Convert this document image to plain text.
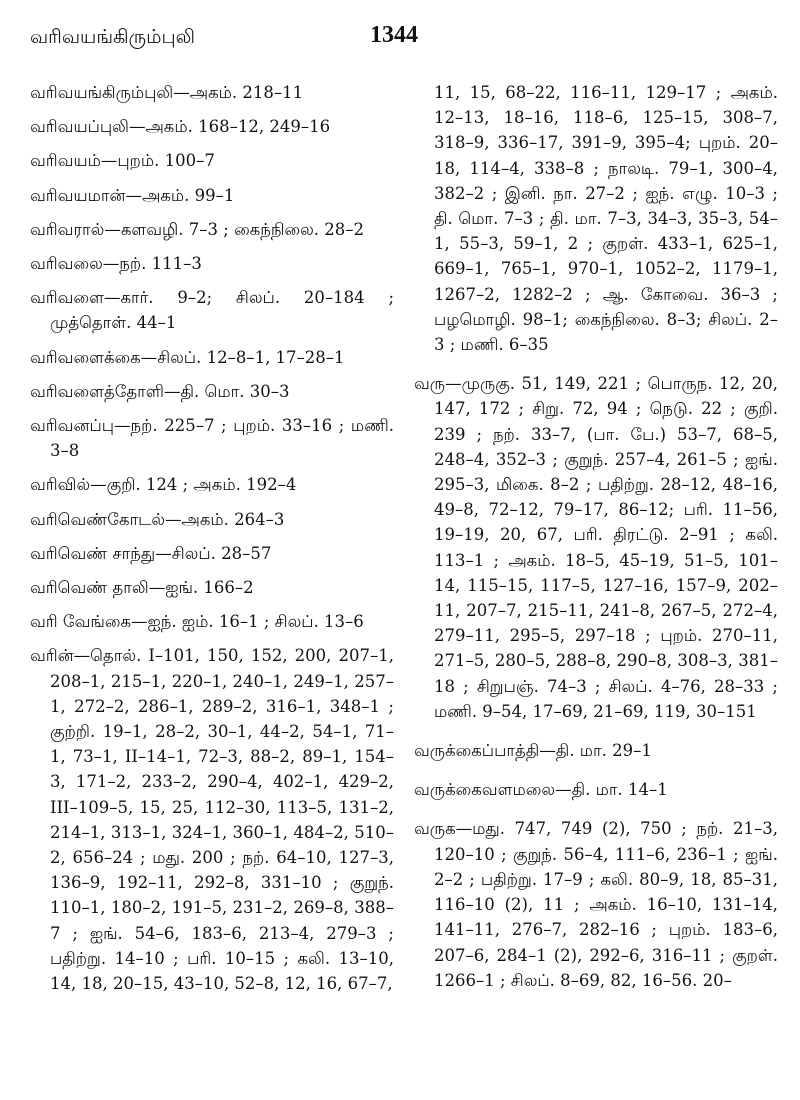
வரிவயங்கிரும்புலி	1344

வரிவயங்கிரும்புலி—அகம். 218–11

வரிவயப்புலி—அகம். 168–12, 249–16

வரிவயம்—புறம். 100–7

வரிவயமான்—அகம். 99–1

வரிவரால்—களவழி. 7–3 ; கைந்நிலை. 28–2

வரிவலை—நற். 111–3

வரிவளை—கார். 9–2; சிலப். 20–184 ; முத்தொள். 44–1

வரிவளைக்கை—சிலப். 12–8–1, 17–28–1

வரிவளைத்தோளி—தி. மொ. 30–3

வரிவனப்பு—நற். 225–7 ; புறம். 33–16 ; மணி. 3–8

வரிவில்—குறி. 124 ; அகம். 192–4

வரிவெண்கோடல்—அகம். 264–3

வரிவெண் சாந்து—சிலப். 28–57

வரிவெண் தாலி—ஐங். 166–2

வரி வேங்கை—ஐந். ஐம். 16–1 ; சிலப். 13–6

வரின்—தொல். I–101, 150, 152, 200, 207–1, 208–1, 215–1, 220–1, 240–1, 249–1, 257–1, 272–2, 286–1, 289–2, 316–1, 348–1 ; குற்றி. 19–1, 28–2, 30–1, 44–2, 54–1, 71–1, 73–1, II–14–1, 72–3, 88–2, 89–1, 154–3, 171–2, 233–2, 290–4, 402–1, 429–2, III–109–5, 15, 25, 112–30, 113–5, 131–2, 214–1, 313–1, 324–1, 360–1, 484–2, 510–2, 656–24 ; மது. 200 ; நற். 64–10, 127–3, 136–9, 192–11, 292–8, 331–10 ; குறுந். 110–1, 180–2, 191–5, 231–2, 269–8, 388–7 ; ஐங். 54–6, 183–6, 213–4, 279–3 ; பதிற்று. 14–10 ; பரி. 10–15 ; கலி. 13–10, 14, 18, 20–15, 43–10, 52–8, 12, 16, 67–7,

11, 15, 68–22, 116–11, 129–17 ; அகம். 12–13, 18–16, 118–6, 125–15, 308–7, 318–9, 336–17, 391–9, 395–4; புறம். 20–18, 114–4, 338–8 ; நாலடி. 79–1, 300–4, 382–2 ; இனி. நா. 27–2 ; ஐந். எழு. 10–3 ; தி. மொ. 7–3 ; தி. மா. 7–3, 34–3, 35–3, 54–1, 55–3, 59–1, 2 ; குறள். 433–1, 625–1, 669–1, 765–1, 970–1, 1052–2, 1179–1, 1267–2, 1282–2 ; ஆ. கோவை. 36–3 ; பழமொழி. 98–1; கைந்நிலை. 8–3; சிலப். 2–3 ; மணி. 6–35

வரு—முருகு. 51, 149, 221 ; பொருந. 12, 20, 147, 172 ; சிறு. 72, 94 ; நெடு. 22 ; குறி. 239 ; நற். 33–7, (பா. பே.) 53–7, 68–5, 248–4, 352–3 ; குறுந். 257–4, 261–5 ; ஐங். 295–3, மிகை. 8–2 ; பதிற்று. 28–12, 48–16, 49–8, 72–12, 79–17, 86–12; பரி. 11–56, 19–19, 20, 67, பரி. திரட்டு. 2–91 ; கலி. 113–1 ; அகம். 18–5, 45–19, 51–5, 101–14, 115–15, 117–5, 127–16, 157–9, 202–11, 207–7, 215–11, 241–8, 267–5, 272–4, 279–11, 295–5, 297–18 ; புறம். 270–11, 271–5, 280–5, 288–8, 290–8, 308–3, 381–18 ; சிறுபஞ். 74–3 ; சிலப். 4–76, 28–33 ; மணி. 9–54, 17–69, 21–69, 119, 30–151

வருக்கைப்பாத்தி—தி. மா. 29–1

வருக்கைவளமலை—தி. மா. 14–1

வருக—மது. 747, 749 (2), 750 ; நற். 21–3, 120–10 ; குறுந். 56–4, 111–6, 236–1 ; ஐங். 2–2 ; பதிற்று. 17–9 ; கலி. 80–9, 18, 85–31, 116–10 (2), 11 ; அகம். 16–10, 131–14, 141–11, 276–7, 282–16 ; புறம். 183–6, 207–6, 284–1 (2), 292–6, 316–11 ; குறள். 1266–1 ; சிலப். 8–69, 82, 16–56. 20–
